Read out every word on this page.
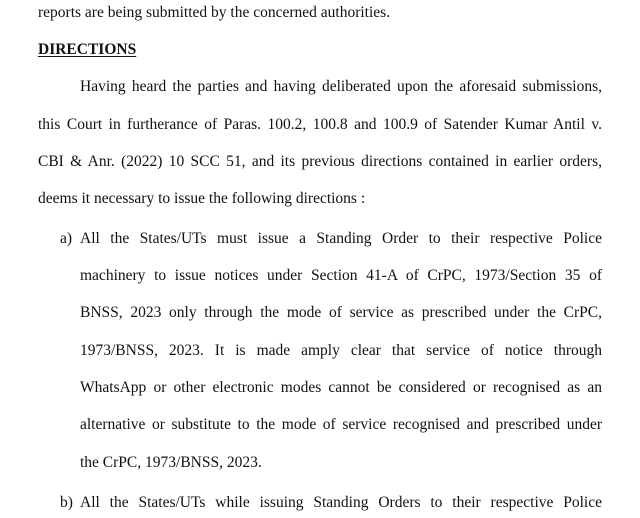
reports are being submitted by the concerned authorities.
DIRECTIONS
Having heard the parties and having deliberated upon the aforesaid submissions,
this Court in furtherance of Paras. 100.2, 100.8 and 100.9 of Satender Kumar Antil v.
CBI & Anr. (2022) 10 SCC 51, and its previous directions contained in earlier orders,
deems it necessary to issue the following directions :
a) All the States/UTs must issue a Standing Order to their respective Police
machinery to issue notices under Section 41-A of CrPC, 1973/Section 35 of
BNSS, 2023 only through the mode of service as prescribed under the CrPC,
1973/BNSS, 2023. It is made amply clear that service of notice through
WhatsApp or other electronic modes cannot be considered or recognised as an
alternative or substitute to the mode of service recognised and prescribed under
the CrPC, 1973/BNSS, 2023.
b) All the States/UTs while issuing Standing Orders to their respective Police
